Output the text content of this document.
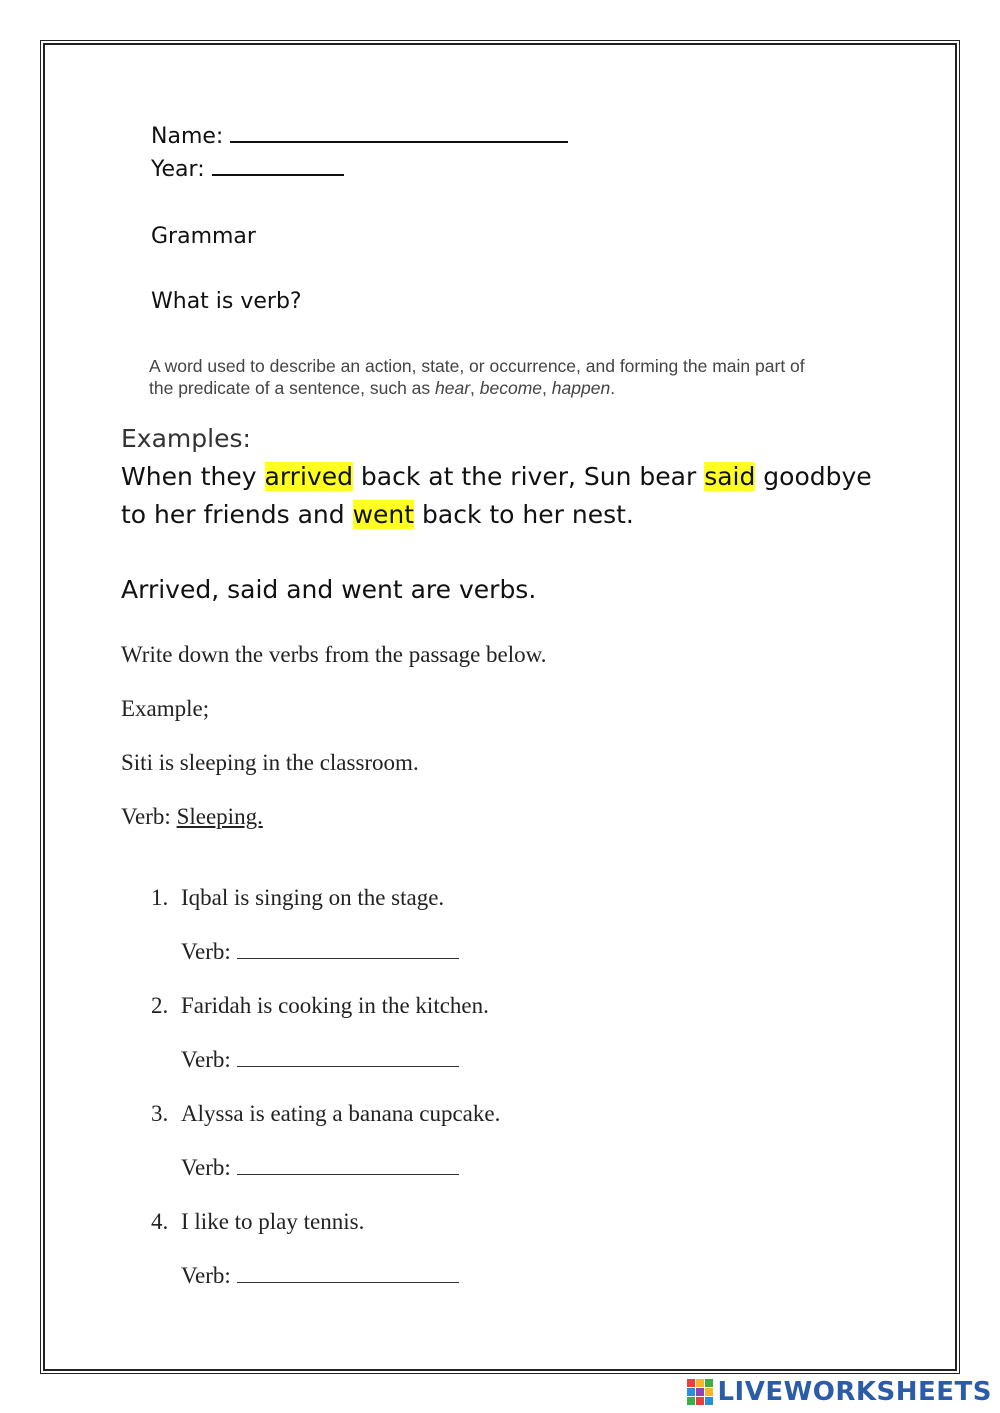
Name:
Year:
Grammar
What is verb?
A word used to describe an action, state, or occurrence, and forming the main part of
the predicate of a sentence, such as hear, become, happen.
Examples:
When they arrived back at the river, Sun bear said goodbye
to her friends and went back to her nest.
Arrived, said and went are verbs.
Write down the verbs from the passage below.
Example;
Siti is sleeping in the classroom.
Verb: Sleeping.
1. Iqbal is singing on the stage.
Verb:
2. Faridah is cooking in the kitchen.
Verb:
3. Alyssa is eating a banana cupcake.
Verb:
4. I like to play tennis.
Verb:
LIVEWORKSHEETS
